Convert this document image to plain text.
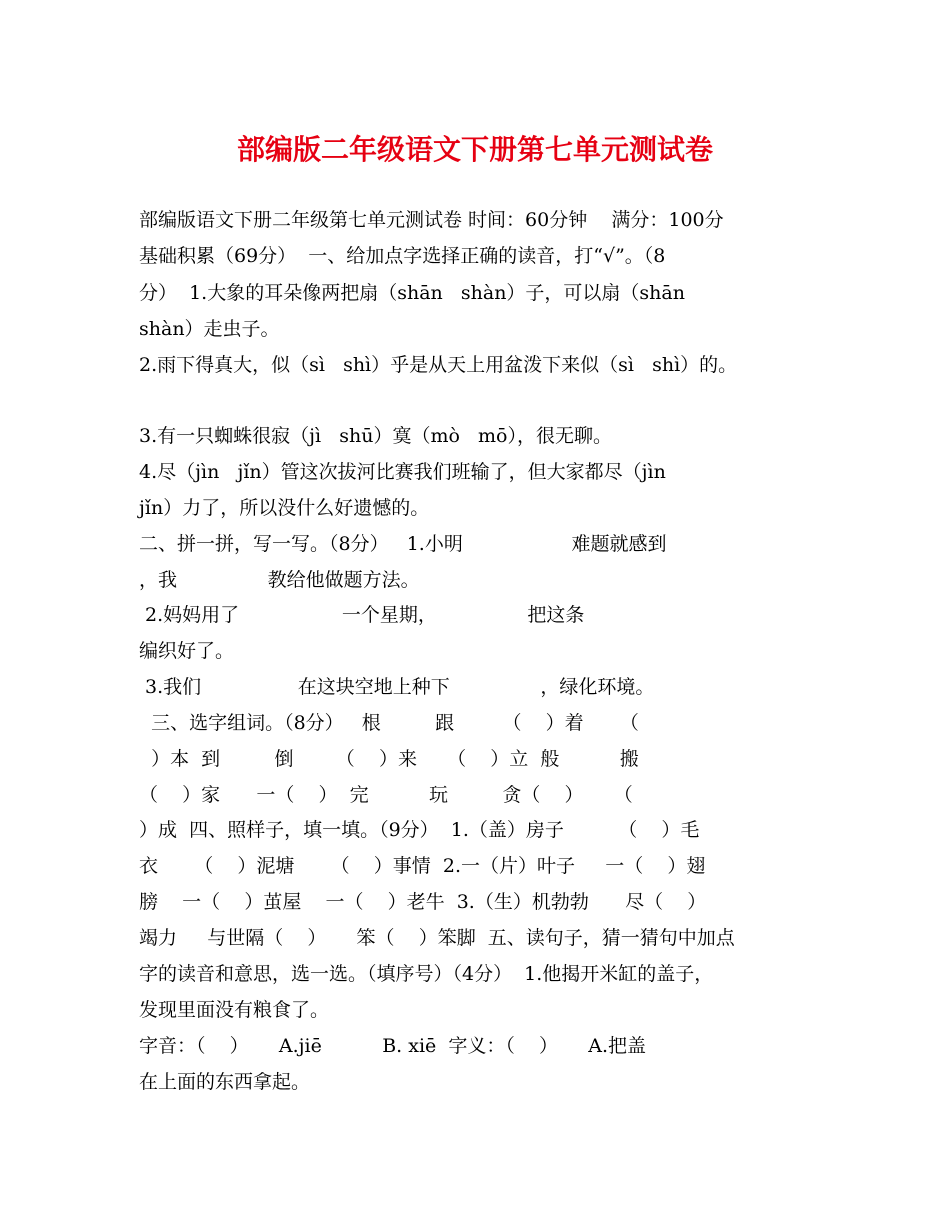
部编版二年级语文下册第七单元测试卷
部编版语文下册二年级第七单元测试卷 时间：60分钟    满分：100分
基础积累（69分）  一、给加点字选择正确的读音，打“√”。（8
分）  1.大象的耳朵像两把扇（shān   shàn）子，可以扇（shān
shàn）走虫子。
2.雨下得真大，似（sì   shì）乎是从天上用盆泼下来似（sì   shì）的。
3.有一只蜘蛛很寂（jì   shū）寞（mò   mō），很无聊。
4.尽（jìn   jǐn）管这次拔河比赛我们班输了，但大家都尽（jìn
jǐn）力了，所以没什么好遗憾的。
二、拼一拼，写一写。（8分）   1.小明                  难题就感到
，我               教给他做题方法。
2.妈妈用了                 一个星期，               把这条
编织好了。
3.我们                在这块空地上种下               ，绿化环境。
三、选字组词。（8分）   根         跟        （    ）着      （
）本  到         倒       （    ）来     （    ）立  般          搬
（    ）家      一（    ）  完          玩         贪（    ）     （
）成  四、照样子，填一填。（9分）  1.（盖）房子         （    ）毛
衣      （    ）泥塘      （    ）事情  2.一（片）叶子     一（    ）翅
膀    一（    ）茧屋    一（    ）老牛  3.（生）机勃勃      尽（    ）
竭力     与世隔（    ）     笨（    ）笨脚  五、读句子，猜一猜句中加点
字的读音和意思，选一选。（填序号）（4分）  1.他揭开米缸的盖子，
发现里面没有粮食了。
字音：（    ）     A.jiē          B. xiē  字义：（    ）     A.把盖
在上面的东西拿起。
